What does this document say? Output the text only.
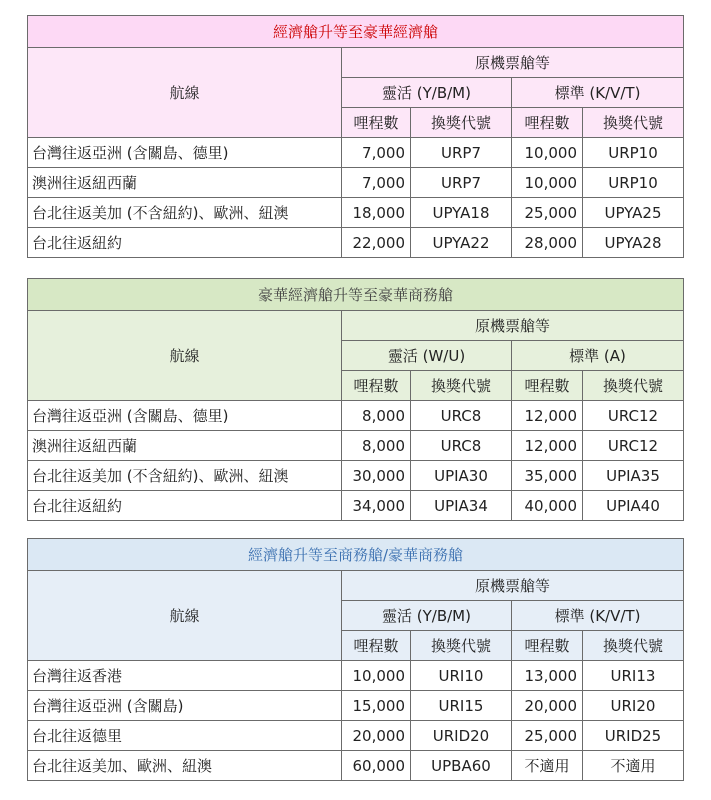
經濟艙升等至豪華經濟艙				
航線	原機票艙等			
	靈活 (Y/B/M)		標準 (K/V/T)	
	哩程數	換獎代號	哩程數	換獎代號
台灣往返亞洲 (含關島、德里)	7,000	URP7	10,000	URP10
澳洲往返紐西蘭	7,000	URP7	10,000	URP10
台北往返美加 (不含紐約)、歐洲、紐澳	18,000	UPYA18	25,000	UPYA25
台北往返紐約	22,000	UPYA22	28,000	UPYA28
豪華經濟艙升等至豪華商務艙				
航線	原機票艙等			
	靈活 (W/U)		標準 (A)	
	哩程數	換獎代號	哩程數	換獎代號
台灣往返亞洲 (含關島、德里)	8,000	URC8	12,000	URC12
澳洲往返紐西蘭	8,000	URC8	12,000	URC12
台北往返美加 (不含紐約)、歐洲、紐澳	30,000	UPIA30	35,000	UPIA35
台北往返紐約	34,000	UPIA34	40,000	UPIA40
經濟艙升等至商務艙/豪華商務艙				
航線	原機票艙等			
	靈活 (Y/B/M)		標準 (K/V/T)	
	哩程數	換獎代號	哩程數	換獎代號
台灣往返香港	10,000	URI10	13,000	URI13
台灣往返亞洲 (含關島)	15,000	URI15	20,000	URI20
台北往返德里	20,000	URID20	25,000	URID25
台北往返美加、歐洲、紐澳	60,000	UPBA60	不適用	不適用
